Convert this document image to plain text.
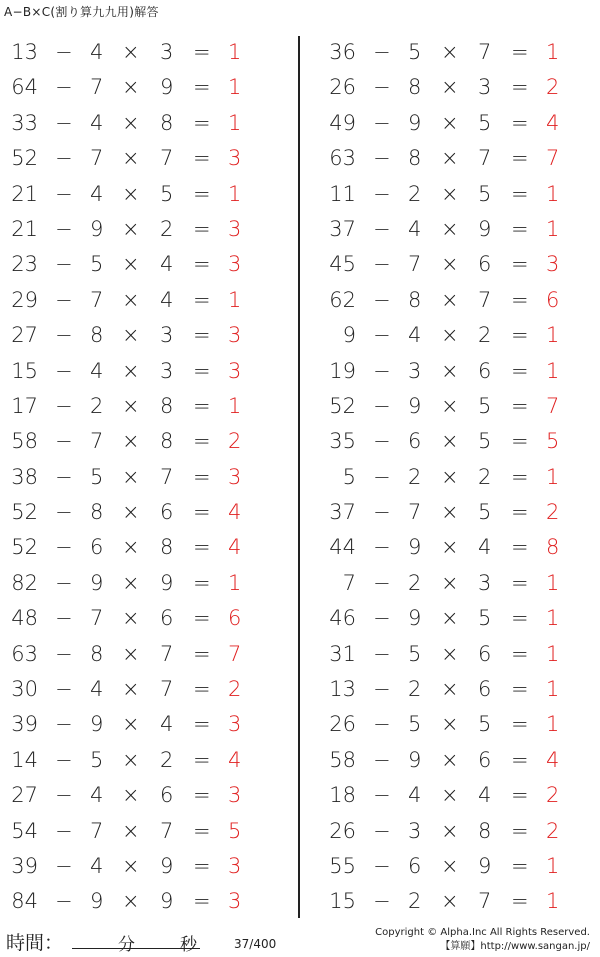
A−B×C(割り算九九用)解答
13 − 4 × 3 = 1
64 − 7 × 9 = 1
33 − 4 × 8 = 1
52 − 7 × 7 = 3
21 − 4 × 5 = 1
21 − 9 × 2 = 3
23 − 5 × 4 = 3
29 − 7 × 4 = 1
27 − 8 × 3 = 3
15 − 4 × 3 = 3
17 − 2 × 8 = 1
58 − 7 × 8 = 2
38 − 5 × 7 = 3
52 − 8 × 6 = 4
52 − 6 × 8 = 4
82 − 9 × 9 = 1
48 − 7 × 6 = 6
63 − 8 × 7 = 7
30 − 4 × 7 = 2
39 − 9 × 4 = 3
14 − 5 × 2 = 4
27 − 4 × 6 = 3
54 − 7 × 7 = 5
39 − 4 × 9 = 3
84 − 9 × 9 = 3
36 − 5 × 7 = 1
26 − 8 × 3 = 2
49 − 9 × 5 = 4
63 − 8 × 7 = 7
11 − 2 × 5 = 1
37 − 4 × 9 = 1
45 − 7 × 6 = 3
62 − 8 × 7 = 6
9 − 4 × 2 = 1
19 − 3 × 6 = 1
52 − 9 × 5 = 7
35 − 6 × 5 = 5
5 − 2 × 2 = 1
37 − 7 × 5 = 2
44 − 9 × 4 = 8
7 − 2 × 3 = 1
46 − 9 × 5 = 1
31 − 5 × 6 = 1
13 − 2 × 6 = 1
26 − 5 × 5 = 1
58 − 9 × 6 = 4
18 − 4 × 4 = 2
26 − 3 × 8 = 2
55 − 6 × 9 = 1
15 − 2 × 7 = 1
時間：	分	秒	37/400
Copyright © Alpha.Inc All Rights Reserved.
【算願】http://www.sangan.jp/
